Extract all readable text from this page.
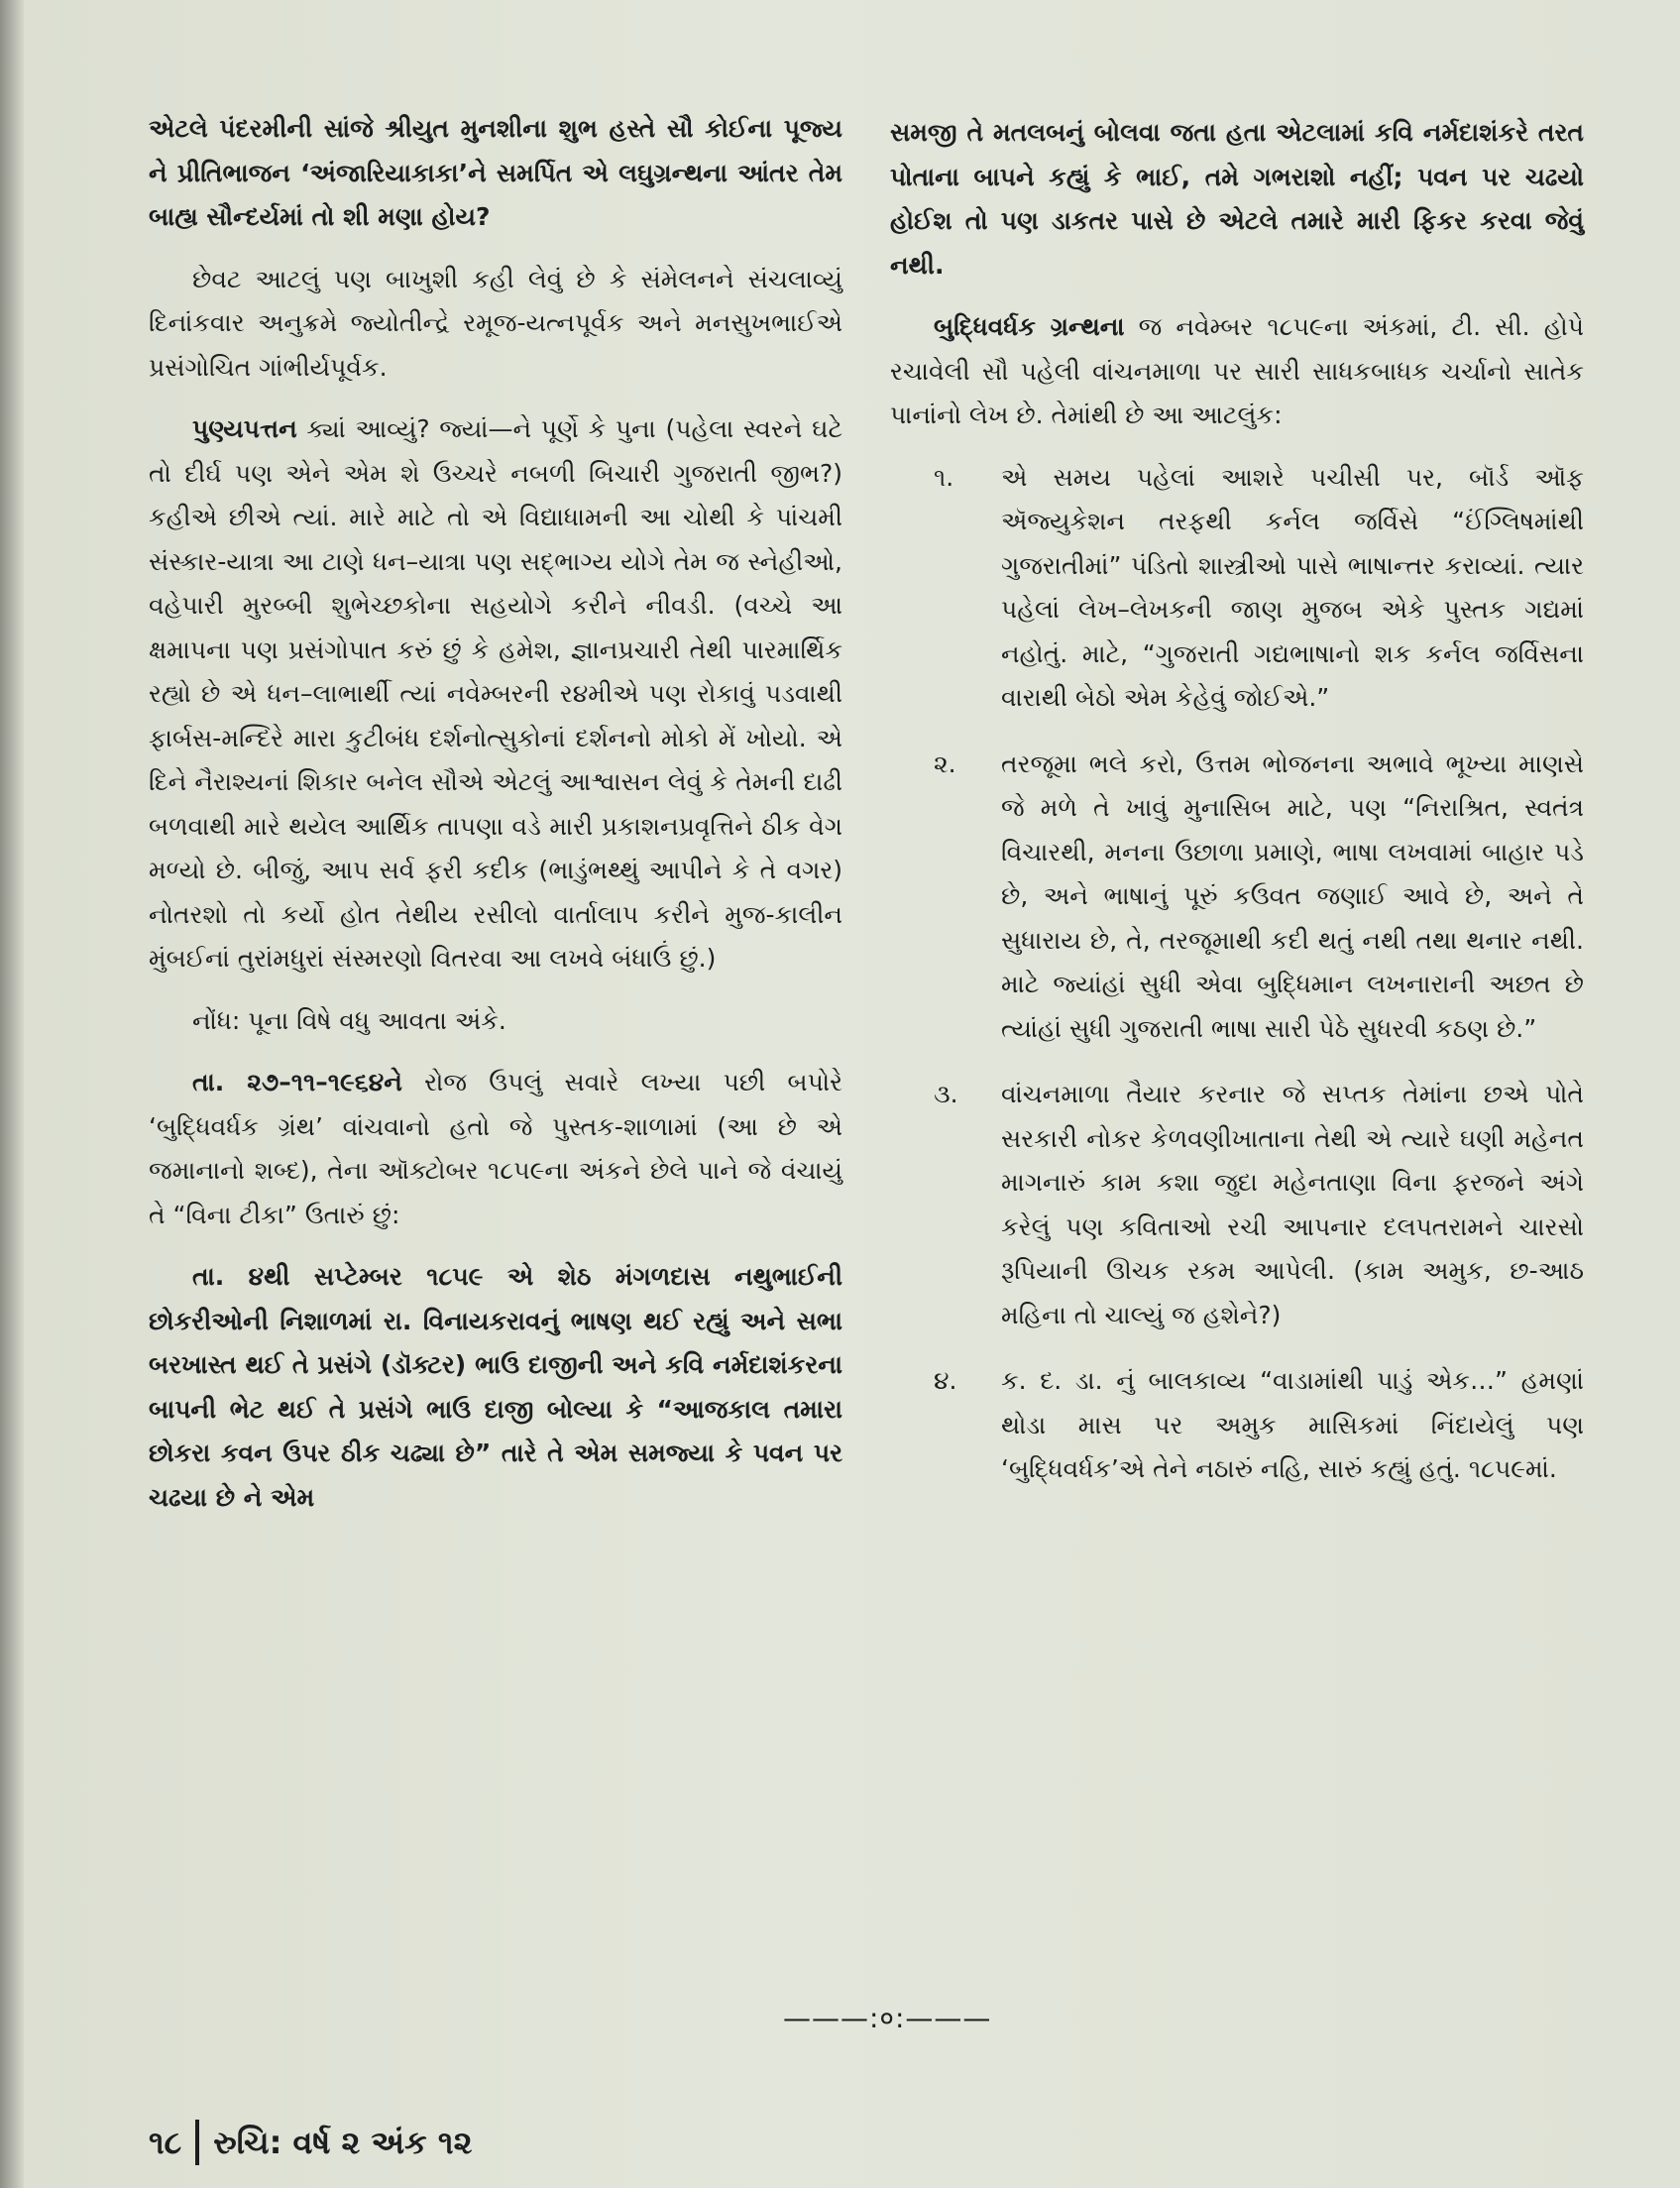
એટલે પંદરમીની સાંજે શ્રીયુત મુનશીના શુભ હસ્તે સૌ કોઈના પૂજ્ય ને પ્રીતિભાજન ‘અંજારિયાકાકા’ને સમર્પિત એ લઘુગ્રન્થના આંતર તેમ બાહ્ય સૌન્દર્યમાં તો શી મણા હોય?

છેવટ આટલું પણ બાખુશી કહી લેવું છે કે સંમેલનને સંચલાવ્યું દિનાંકવાર અનુક્રમે જ્યોતીન્દ્રે રમૂજ-યત્નપૂર્વક અને મનસુખભાઈએ પ્રસંગોચિત ગાંભીર્યપૂર્વક.

પુણ્યપત્તન ક્યાં આવ્યું? જ્યાં—ને પૂર્ણે કે પુના (પહેલા સ્વરને ઘટે તો દીર્ઘ પણ એને એમ શે ઉચ્ચરે નબળી બિચારી ગુજરાતી જીભ?) કહીએ છીએ ત્યાં. મારે માટે તો એ વિદ્યાધામની આ ચોથી કે પાંચમી સંસ્કાર-યાત્રા આ ટાણે ધન–યાત્રા પણ સદ્ભાગ્ય યોગે તેમ જ સ્નેહીઓ, વહેપારી મુરબ્બી શુભેચ્છકોના સહયોગે કરીને નીવડી. (વચ્ચે આ ક્ષમાપના પણ પ્રસંગોપાત કરું છું કે હમેશ, જ્ઞાનપ્રચારી તેથી પારમાર્થિક રહ્યો છે એ ધન–લાભાર્થી ત્યાં નવેમ્બરની ર૪મીએ પણ રોકાવું પડવાથી ફાર્બસ-મન્દિરે મારા કુટીબંધ દર્શનોત્સુકોનાં દર્શનનો મોકો મેં ખોયો. એ દિને નૈરાશ્યનાં શિકાર બનેલ સૌએ એટલું આશ્વાસન લેવું કે તેમની દાઢી બળવાથી મારે થયેલ આર્થિક તાપણા વડે મારી પ્રકાશનપ્રવૃત્તિને ઠીક વેગ મળ્યો છે. બીજું, આપ સર્વ ફરી કદીક (ભાડુંભથ્થું આપીને કે તે વગર) નોતરશો તો કર્યો હોત તેથીય રસીલો વાર્તાલાપ કરીને મુજ-કાલીન મુંબઈનાં તુરાંમધુરાં સંસ્મરણો વિતરવા આ લખવે બંધાઉં છું.)

નોંધ: પૂના વિષે વધુ આવતા અંકે.

તા. ૨૭–૧૧–૧૯૬૪ને રોજ ઉપલું સવારે લખ્યા પછી બપોરે ‘બુદ્ધિવર્ધક ગ્રંથ’ વાંચવાનો હતો જે પુસ્તક-શાળામાં (આ છે એ જમાનાનો શબ્દ), તેના ઑક્ટોબર ૧૮૫૯ના અંકને છેલે પાને જે વંચાયું તે “વિના ટીકા” ઉતારું છું:

તા. ૪થી સપ્ટેમ્બર ૧૮૫૯ એ શેઠ મંગળદાસ નથુભાઈની છોકરીઓની નિશાળમાં રા. વિનાયકરાવનું ભાષણ થઈ રહ્યું અને સભા બરખાસ્ત થઈ તે પ્રસંગે (ડૉક્ટર) ભાઉ દાજીની અને કવિ નર્મદાશંકરના બાપની ભેટ થઈ તે પ્રસંગે ભાઉ દાજી બોલ્યા કે “આજકાલ તમારા છોકરા કવન ઉપર ઠીક ચઢ્યા છે” તારે તે એમ સમજ્યા કે પવન પર ચઢયા છે ને એમ

સમજી તે મતલબનું બોલવા જતા હતા એટલામાં કવિ નર્મદાશંકરે તરત પોતાના બાપને કહ્યું કે ભાઈ, તમે ગભરાશો નહીં; પવન પર ચઢયો હોઈશ તો પણ ડાકતર પાસે છે એટલે તમારે મારી ફિકર કરવા જેવું નથી.

બુદ્ધિવર્ધક ગ્રન્થના જ નવેમ્બર ૧૮૫૯ના અંકમાં, ટી. સી. હોપે રચાવેલી સૌ પહેલી વાંચનમાળા પર સારી સાધકબાધક ચર્ચાનો સાતેક પાનાંનો લેખ છે. તેમાંથી છે આ આટલુંક:

૧. એ સમય પહેલાં આશરે પચીસી પર, બૉર્ડ ઑફ ઍજ્યુકેશન તરફથી કર્નલ જર્વિસે “ઈંગ્લિષમાંથી ગુજરાતીમાં” પંડિતો શાસ્ત્રીઓ પાસે ભાષાન્તર કરાવ્યાં. ત્યાર પહેલાં લેખ–લેખકની જાણ મુજબ એકે પુસ્તક ગદ્યમાં નહોતું. માટે, “ગુજરાતી ગદ્યભાષાનો શક કર્નલ જર્વિસના વારાથી બેઠો એમ કેહેવું જોઈએ.”
૨. તરજૂમા ભલે કરો, ઉત્તમ ભોજનના અભાવે ભૂખ્યા માણસે જે મળે તે ખાવું મુનાસિબ માટે, પણ “નિરાશ્રિત, સ્વતંત્ર વિચારથી, મનના ઉછાળા પ્રમાણે, ભાષા લખવામાં બાહાર પડે છે, અને ભાષાનું પૂરું કઉવત જણાઈ આવે છે, અને તે સુધારાય છે, તે, તરજૂમાથી કદી થતું નથી તથા થનાર નથી. માટે જ્યાંહાં સુધી એવા બુદ્ધિમાન લખનારાની અછત છે ત્યાંહાં સુધી ગુજરાતી ભાષા સારી પેઠે સુધરવી કઠણ છે.”
૩. વાંચનમાળા તૈયાર કરનાર જે સપ્તક તેમાંના છએ પોતે સરકારી નોકર કેળવણીખાતાના તેથી એ ત્યારે ઘણી મહેનત માગનારું કામ કશા જુદા મહેનતાણા વિના ફરજને અંગે કરેલું પણ કવિતાઓ રચી આપનાર દલપતરામને ચારસો રૂપિયાની ઊચક રકમ આપેલી. (કામ અમુક, છ-આઠ મહિના તો ચાલ્યું જ હશેને?)
૪. ક. દ. ડા. નું બાલકાવ્ય “વાડામાંથી પાડું એક…” હમણાં થોડા માસ પર અમુક માસિકમાં નિંદાયેલું પણ ‘બુદ્ધિવર્ધક’એ તેને નઠારું નહિ, સારું કહ્યું હતું. ૧૮૫૯માં.
———:०:———
૧૮ રુચિ: વર્ષ ૨ અંક ૧૨
